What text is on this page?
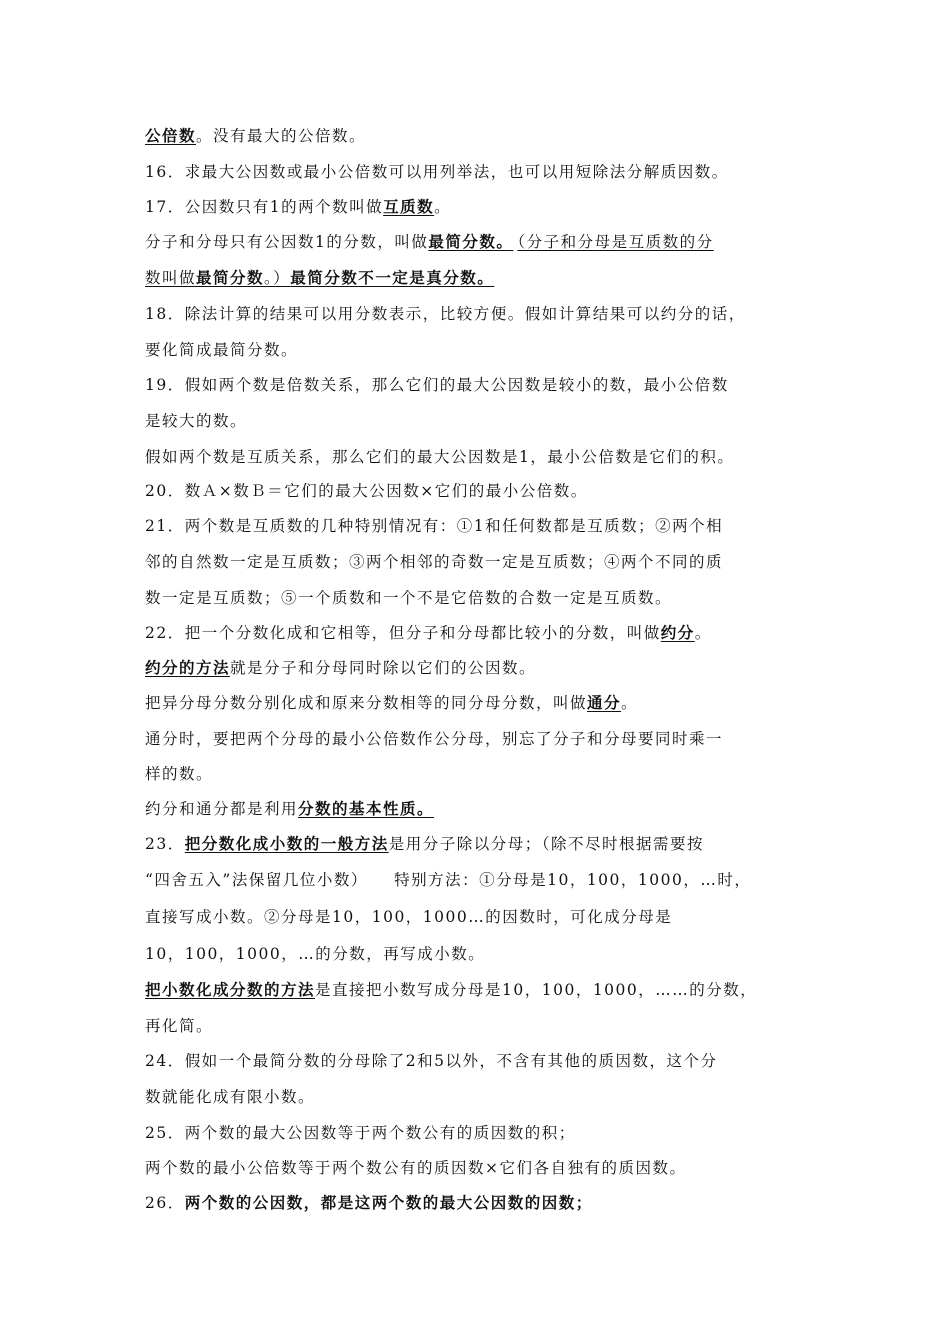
公倍数。没有最大的公倍数。
16．求最大公因数或最小公倍数可以用列举法，也可以用短除法分解质因数。
17．公因数只有1的两个数叫做互质数。
分子和分母只有公因数1的分数，叫做最简分数。 （分子和分母是互质数的分
数叫做最简分数。）最简分数不一定是真分数。
18．除法计算的结果可以用分数表示，比较方便。假如计算结果可以约分的话，
要化简成最简分数。
19．假如两个数是倍数关系，那么它们的最大公因数是较小的数，最小公倍数
是较大的数。
假如两个数是互质关系，那么它们的最大公因数是1，最小公倍数是它们的积。
20．数Ａ×数Ｂ＝它们的最大公因数×它们的最小公倍数。
21．两个数是互质数的几种特别情况有：①1和任何数都是互质数；②两个相
邻的自然数一定是互质数；③两个相邻的奇数一定是互质数；④两个不同的质
数一定是互质数；⑤一个质数和一个不是它倍数的合数一定是互质数。
22．把一个分数化成和它相等，但分子和分母都比较小的分数，叫做约分。
约分的方法就是分子和分母同时除以它们的公因数。
把异分母分数分别化成和原来分数相等的同分母分数，叫做通分。
通分时，要把两个分母的最小公倍数作公分母，别忘了分子和分母要同时乘一
样的数。
约分和通分都是利用分数的基本性质。
23．把分数化成小数的一般方法是用分子除以分母；（除不尽时根据需要按
“四舍五入”法保留几位小数）　　特别方法：①分母是10，100，1000，…时，
直接写成小数。②分母是10，100，1000…的因数时，可化成分母是
10，100，1000，…的分数，再写成小数。
把小数化成分数的方法是直接把小数写成分母是10，100，1000，……的分数，
再化简。
24．假如一个最简分数的分母除了2和5以外，不含有其他的质因数，这个分
数就能化成有限小数。
25．两个数的最大公因数等于两个数公有的质因数的积；
两个数的最小公倍数等于两个数公有的质因数×它们各自独有的质因数。
26．两个数的公因数，都是这两个数的最大公因数的因数；
